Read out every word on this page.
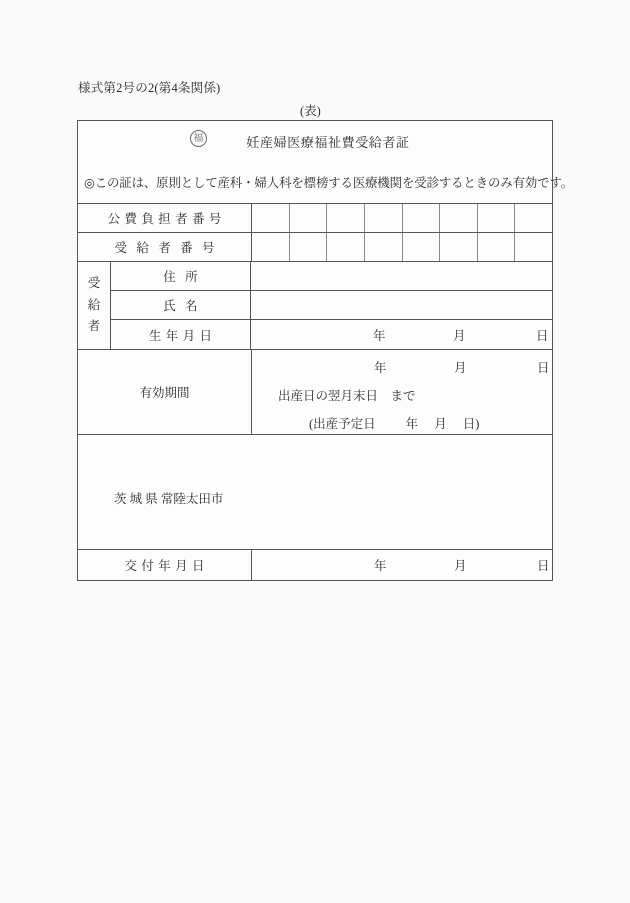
様式第2号の2(第4条関係)
(表)
福	妊産婦医療福祉費受給者証
◎この証は、原則として産科・婦人科を標榜する医療機関を受診するときのみ有効です。
公費負担者番号
受給者番号
受
給
者
住所
氏名
生年月日	年	月	日
有効期間
年	月	日
出産日の翌月末日　まで
(出産予定日 年 月 日)
茨 城 県 常陸太田市
交付年月日	年	月	日
